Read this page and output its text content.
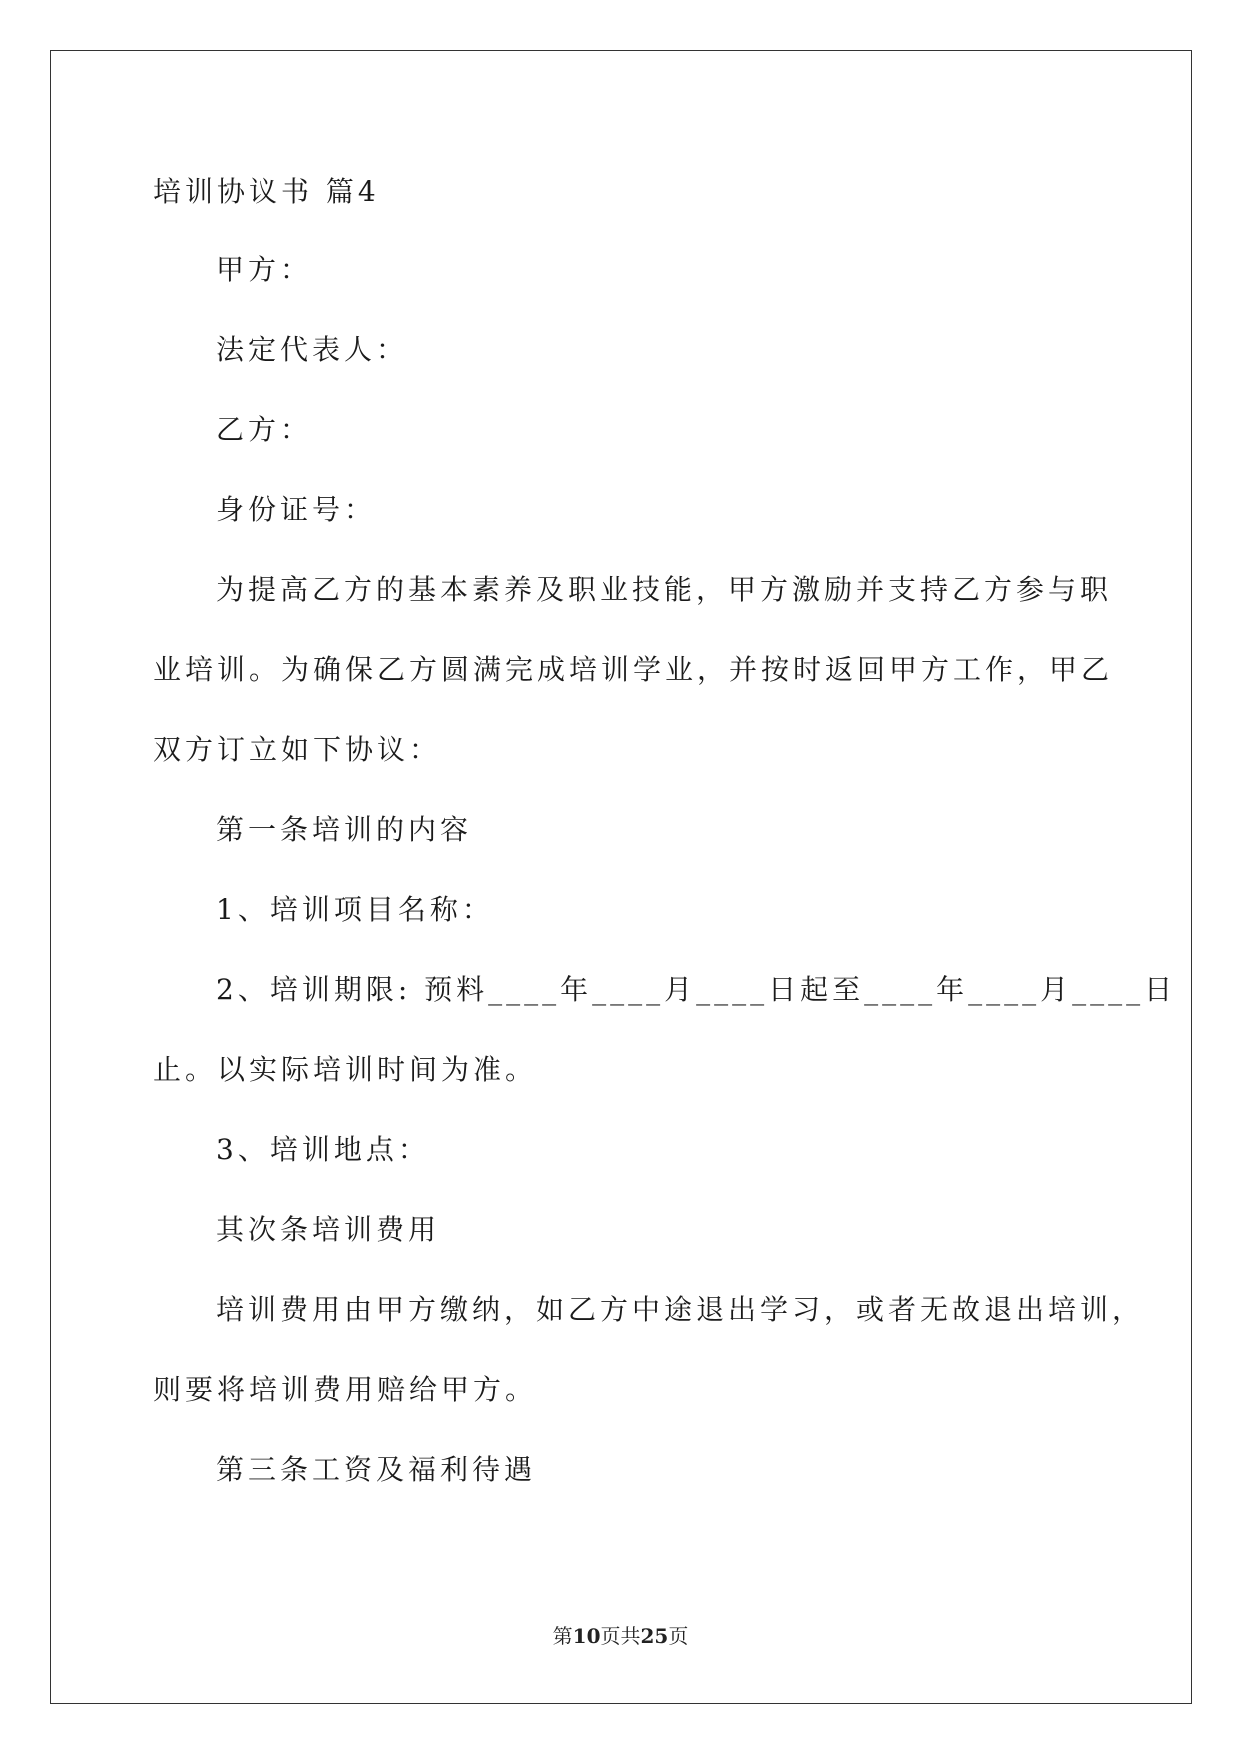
培训协议书 篇4
甲方：
法定代表人：
乙方：
身份证号：
为提高乙方的基本素养及职业技能，甲方激励并支持乙方参与职
业培训。为确保乙方圆满完成培训学业，并按时返回甲方工作，甲乙
双方订立如下协议：
第一条培训的内容
1、培训项目名称：
2、培训期限: 预料____年____月____日起至____年____月____日
止。以实际培训时间为准。
3、培训地点：
其次条培训费用
培训费用由甲方缴纳，如乙方中途退出学习，或者无故退出培训，
则要将培训费用赔给甲方。
第三条工资及福利待遇
第10页共25页
